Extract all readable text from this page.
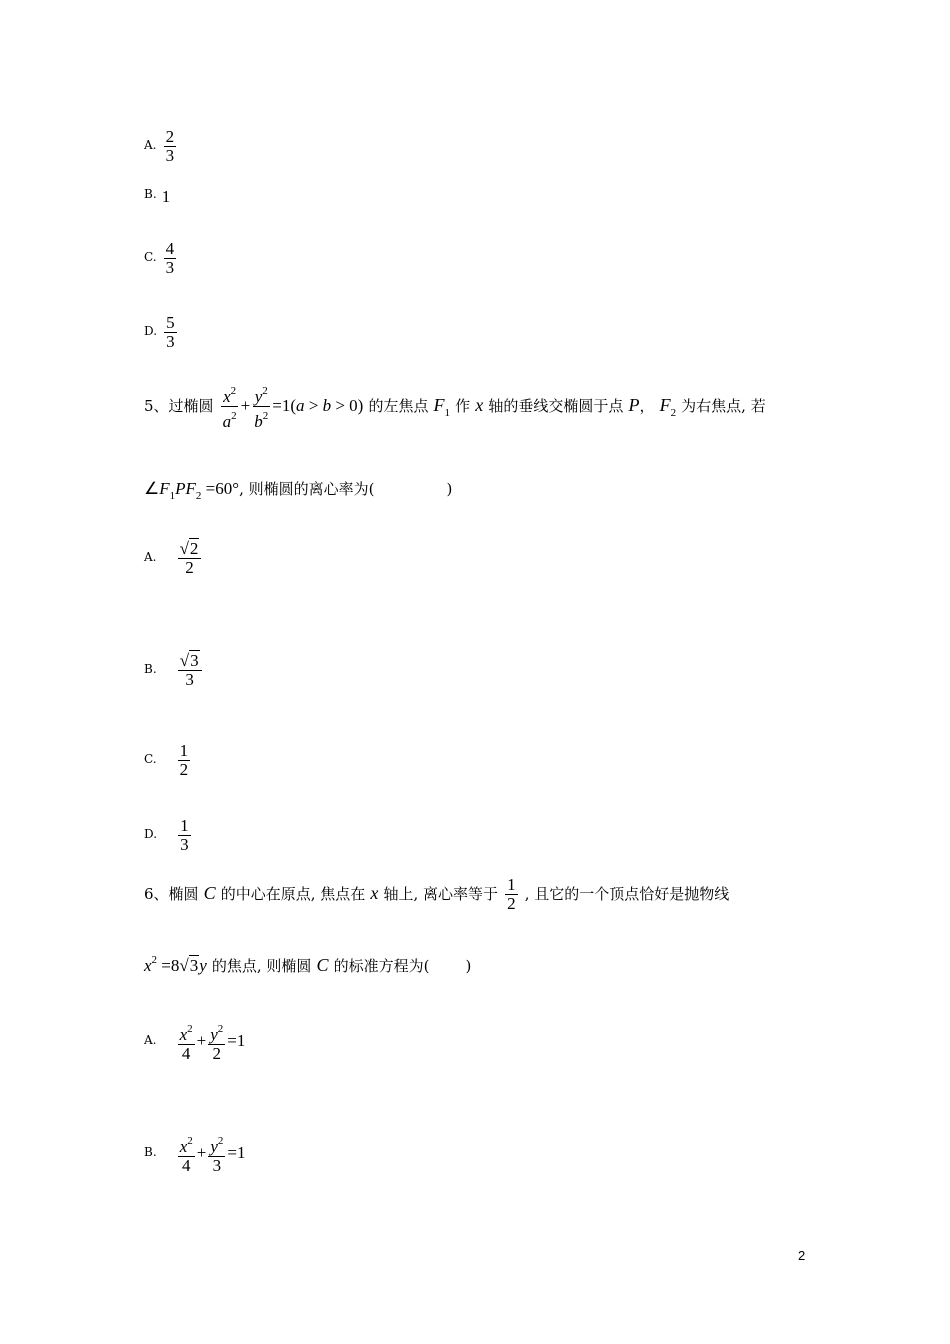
A. $\frac{2}{3}$
$^{B.}$ 1
C. $\frac{4}{3}$
D. $\frac{5}{3}$
5、过椭圆 $\frac{x^2}{a^2} + \frac{y^2}{b^2} =1(a > b > 0)$ 的左焦点 $F_1$ 作 x 轴的垂线交椭圆于点 P， $F_2$ 为右焦点, 若
$\angle F_1PF_2 =60^\circ$, 则椭圆的离心率为(	)
A. $\frac{√2}{2}$
B. $\frac{√3}{3}$
C. $\frac{1}{2}$
D. $\frac{1}{3}$
6、椭圆 C 的中心在原点, 焦点在 x 轴上, 离心率等于 $\frac{1}{2}$ , 且它的一个顶点恰好是抛物线
$x^2 =8√3y$ 的焦点, 则椭圆 C 的标准方程为( )
A. $\frac{x^2}{4} + \frac{y^2}{2} =1$
B. $\frac{x^2}{4} + \frac{y^2}{3} =1$
2
